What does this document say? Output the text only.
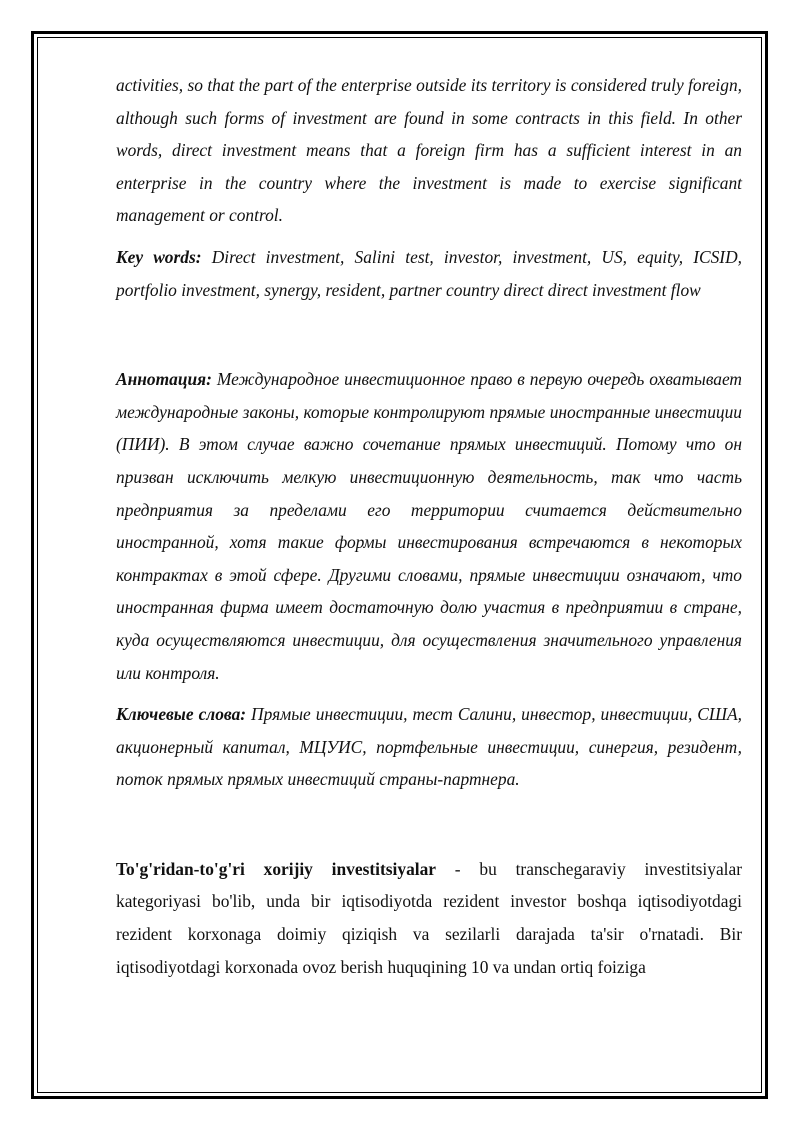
activities, so that the part of the enterprise outside its territory is considered truly foreign, although such forms of investment are found in some contracts in this field. In other words, direct investment means that a foreign firm has a sufficient interest in an enterprise in the country where the investment is made to exercise significant management or control.

Key words: Direct investment, Salini test, investor, investment, US, equity, ICSID, portfolio investment, synergy, resident, partner country direct direct investment flow

Аннотация: Международное инвестиционное право в первую очередь охватывает международные законы, которые контролируют прямые иностранные инвестиции (ПИИ). В этом случае важно сочетание прямых инвестиций. Потому что он призван исключить мелкую инвестиционную деятельность, так что часть предприятия за пределами его территории считается действительно иностранной, хотя такие формы инвестирования встречаются в некоторых контрактах в этой сфере. Другими словами, прямые инвестиции означают, что иностранная фирма имеет достаточную долю участия в предприятии в стране, куда осуществляются инвестиции, для осуществления значительного управления или контроля.

Ключевые слова: Прямые инвестиции, тест Салини, инвестор, инвестиции, США, акционерный капитал, МЦУИС, портфельные инвестиции, синергия, резидент, поток прямых прямых инвестиций страны-партнера.

To'g'ridan-to'g'ri xorijiy investitsiyalar - bu transchegaraviy investitsiyalar kategoriyasi bo'lib, unda bir iqtisodiyotda rezident investor boshqa iqtisodiyotdagi rezident korxonaga doimiy qiziqish va sezilarli darajada ta'sir o'rnatadi. Bir iqtisodiyotdagi korxonada ovoz berish huquqining 10 va undan ortiq foiziga
